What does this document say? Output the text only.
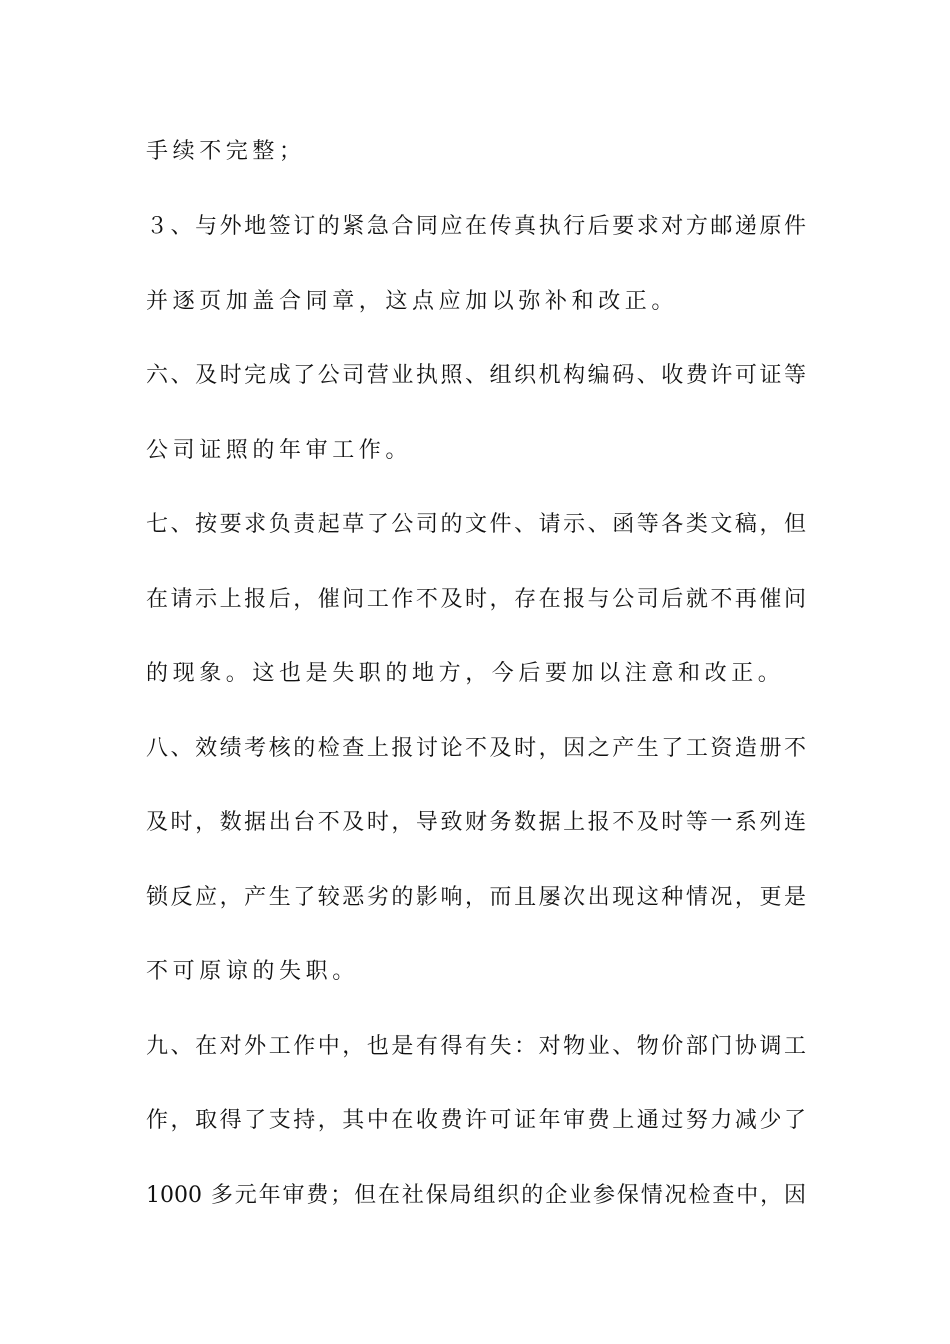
手续不完整；
３、与外地签订的紧急合同应在传真执行后要求对方邮递原件
并逐页加盖合同章，这点应加以弥补和改正。
六、及时完成了公司营业执照、组织机构编码、收费许可证等
公司证照的年审工作。
七、按要求负责起草了公司的文件、请示、函等各类文稿，但
在请示上报后，催问工作不及时，存在报与公司后就不再催问
的现象。这也是失职的地方，今后要加以注意和改正。
八、效绩考核的检查上报讨论不及时，因之产生了工资造册不
及时，数据出台不及时，导致财务数据上报不及时等一系列连
锁反应，产生了较恶劣的影响，而且屡次出现这种情况，更是
不可原谅的失职。
九、在对外工作中，也是有得有失：对物业、物价部门协调工
作，取得了支持，其中在收费许可证年审费上通过努力减少了
1000 多元年审费；但在社保局组织的企业参保情况检查中，因
